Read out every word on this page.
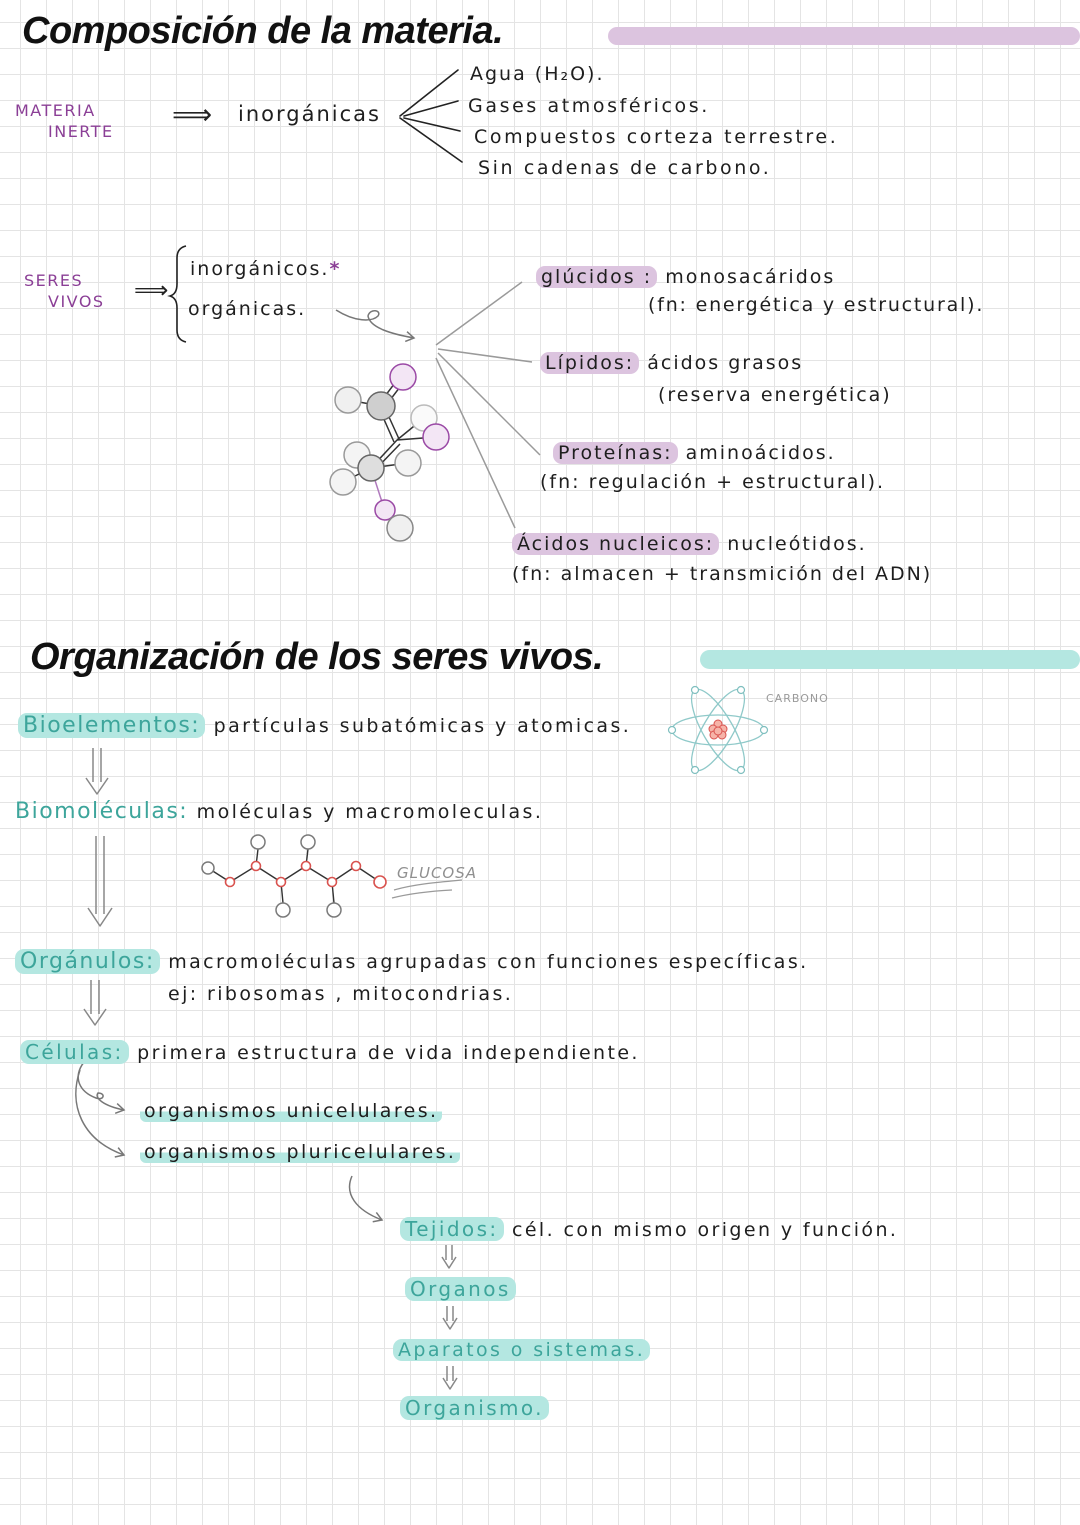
Composición de la materia.
MATERIA
INERTE
⟹ inorgánicas
Agua (H₂O).
Gases atmosféricos.
Compuestos corteza terrestre.
Sin cadenas de carbono.
SERES
VIVOS ⟹
inorgánicos.*
orgánicas.
glúcidos : monosacáridos
(fn: energética y estructural).
Lípidos: ácidos grasos
(reserva energética)
Proteínas: aminoácidos.
(fn: regulación + estructural).
Ácidos nucleicos: nucleótidos.
(fn: almacen + transmición del ADN)
Organización de los seres vivos.
Bioelementos: partículas subatómicas y atomicas.
CARBONO
Biomoléculas: moléculas y macromoleculas.
GLUCOSA
Orgánulos: macromoléculas agrupadas con funciones específicas.
ej: ribosomas , mitocondrias.
Células: primera estructura de vida independiente.
organismos unicelulares.
organismos pluricelulares.
Tejidos: cél. con mismo origen y función.
Organos
Aparatos o sistemas.
Organismo.
